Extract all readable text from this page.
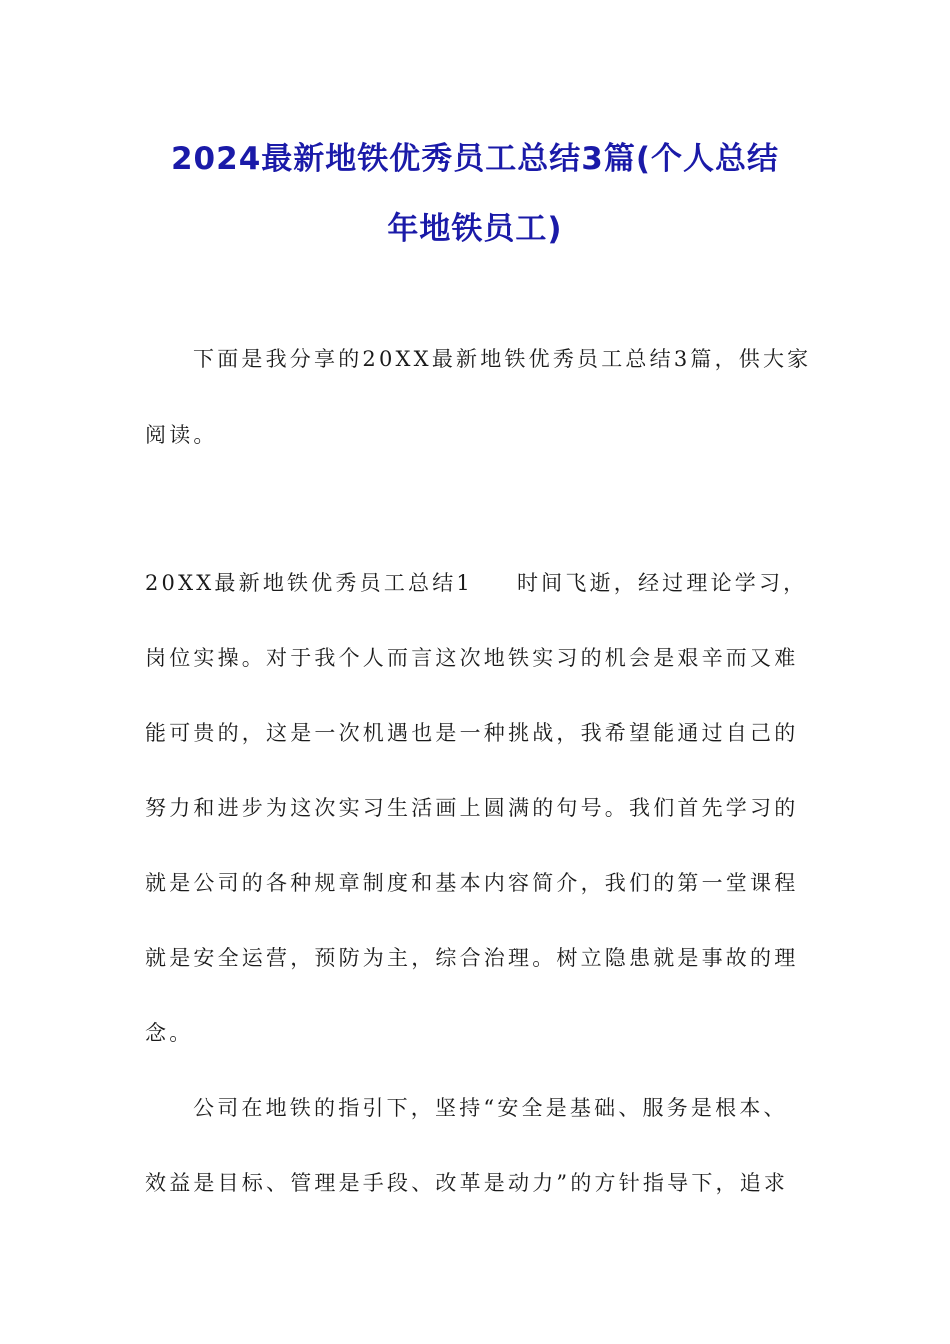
2024最新地铁优秀员工总结3篇(个人总结
年地铁员工)

下面是我分享的20XX最新地铁优秀员工总结3篇，供大家

阅读。

20XX最新地铁优秀员工总结1 时间飞逝，经过理论学习，

岗位实操。对于我个人而言这次地铁实习的机会是艰辛而又难

能可贵的，这是一次机遇也是一种挑战，我希望能通过自己的

努力和进步为这次实习生活画上圆满的句号。我们首先学习的

就是公司的各种规章制度和基本内容简介，我们的第一堂课程

就是安全运营，预防为主，综合治理。树立隐患就是事故的理

念。

公司在地铁的指引下，坚持“安全是基础、服务是根本、

效益是目标、管理是手段、改革是动力”的方针指导下，追求
